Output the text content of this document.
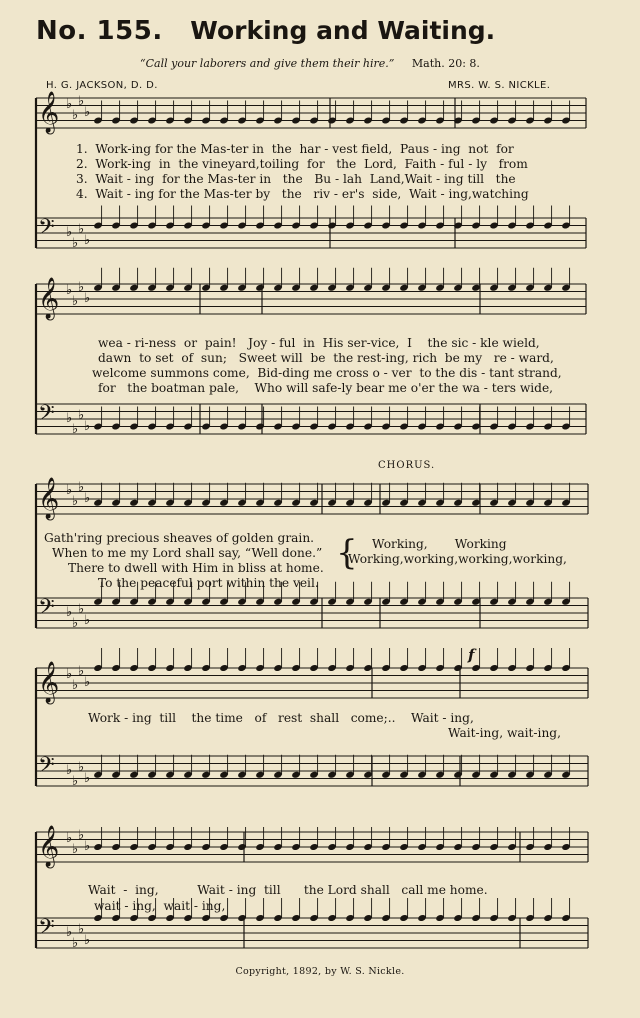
No. 155. Working and Waiting.
“Call your laborers and give them their hire.” Math. 20: 8.
H. G. JACKSON, D. D.	MRS. W. S. NICKLE.
𝄞 ♭
♭
♭
♭
𝄢 ♭
♭
♭
♭
𝄞 ♭
♭
♭
♭
𝄢 ♭
♭
♭
♭
𝄞 ♭
♭
♭
♭
𝄢 ♭
♭
♭
♭
𝄞 ♭
♭
♭
♭
𝄢 ♭
♭
♭
♭
𝄞 ♭
♭
♭
♭
𝄢 ♭
♭
♭
♭
1.  Work-ing for the Mas-ter in  the  har - vest field,  Paus - ing  not  for
2.  Work-ing  in  the vineyard,toiling  for   the  Lord,  Faith - ful - ly   from
3.  Wait - ing  for the Mas-ter in   the   Bu - lah  Land,Wait - ing till   the
4.  Wait - ing for the Mas-ter by   the   riv - er's  side,  Wait - ing,watching
wea - ri-ness  or  pain!   Joy - ful  in  His ser-vice,  I    the sic - kle wield,
dawn  to set  of  sun;   Sweet will  be  the rest-ing, rich  be my   re - ward,
welcome summons come,  Bid-ding me cross o - ver  to the dis - tant strand,
for   the boatman pale,    Who will safe-ly bear me o'er the wa - ters wide,
CHORUS.
Gath'ring precious sheaves of golden grain.
When to me my Lord shall say, “Well done.”
There to dwell with Him in bliss at home.
To the peaceful port within the veil.
{ Working,       Working
Working,working,working,working,
Work - ing  till    the time   of   rest  shall   come;..    Wait - ing,
Wait-ing, wait-ing,
f
Wait  -  ing,          Wait - ing  till      the Lord shall   call me home.
wait - ing,  wait - ing,
Copyright, 1892, by W. S. Nickle.
